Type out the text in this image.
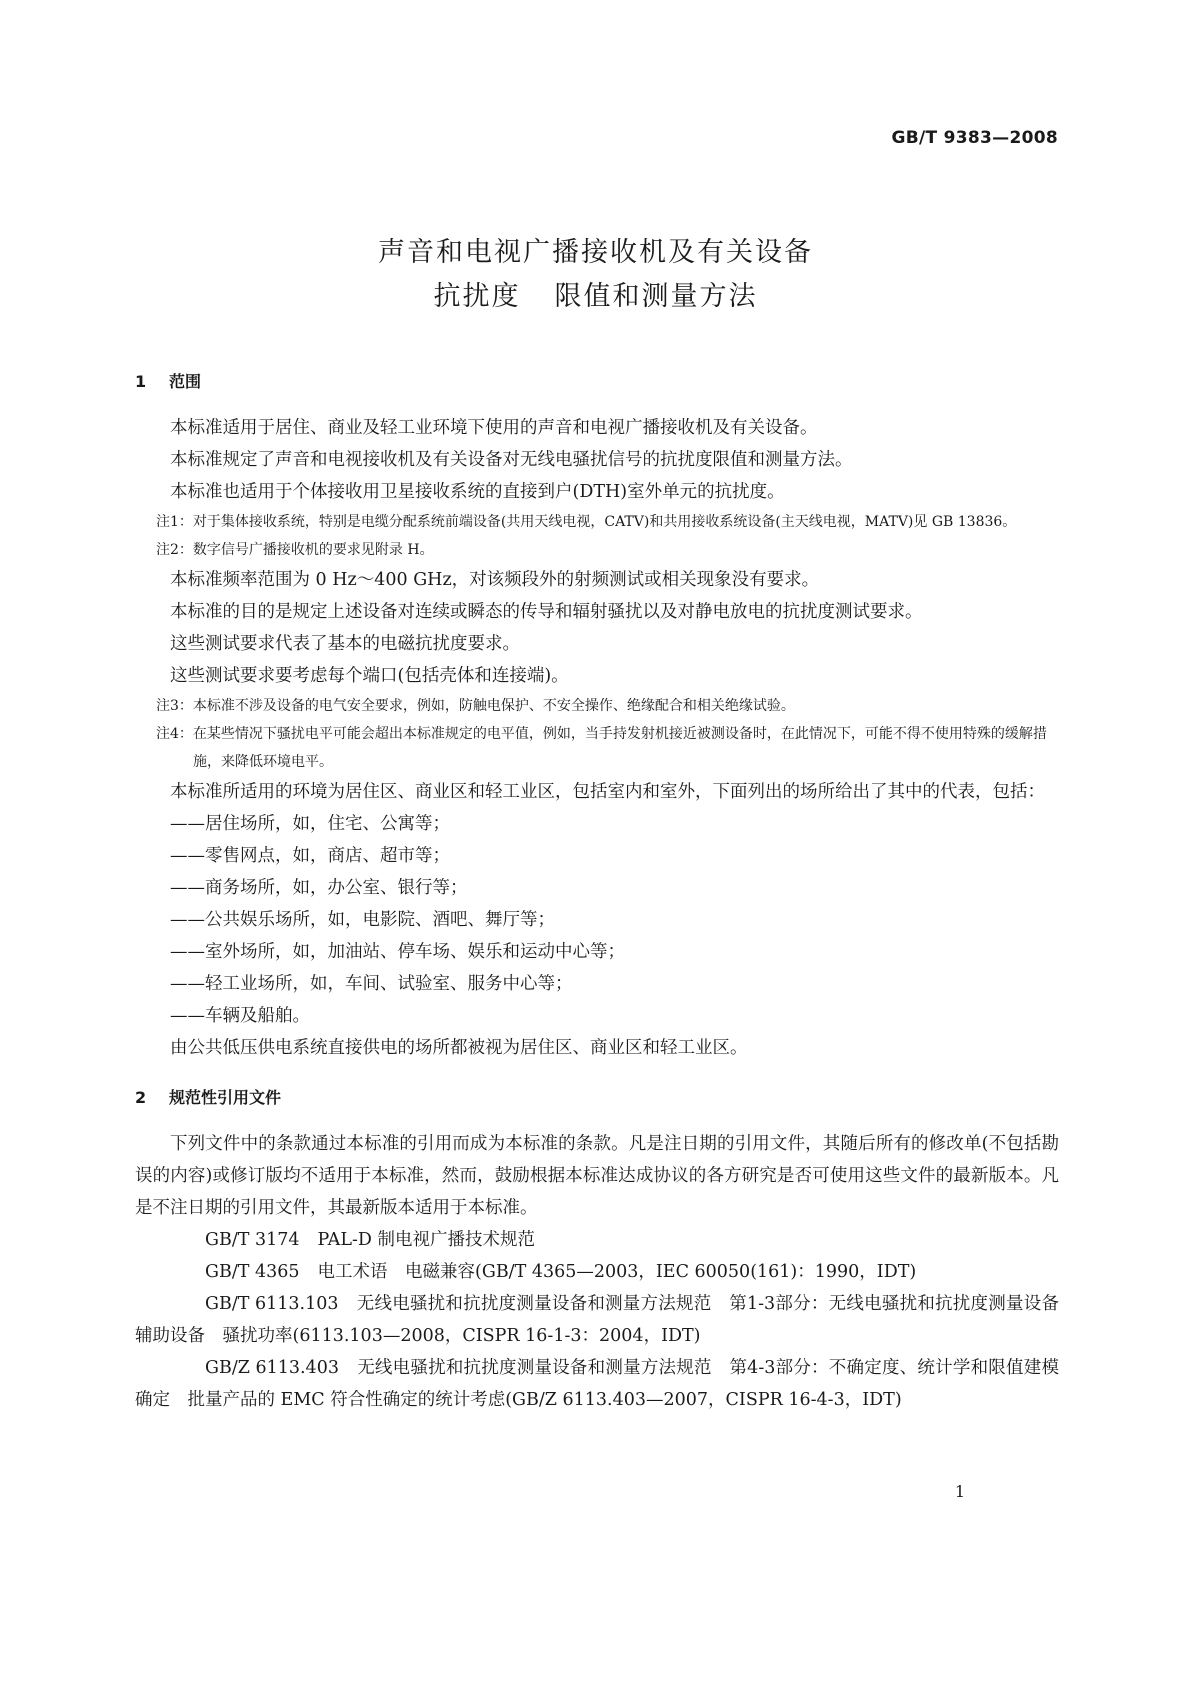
GB/T 9383—2008
声音和电视广播接收机及有关设备
抗扰度 限值和测量方法
1 范围

本标准适用于居住、商业及轻工业环境下使用的声音和电视广播接收机及有关设备。

本标准规定了声音和电视接收机及有关设备对无线电骚扰信号的抗扰度限值和测量方法。

本标准也适用于个体接收用卫星接收系统的直接到户(DTH)室外单元的抗扰度。

注1：对于集体接收系统，特别是电缆分配系统前端设备(共用天线电视，CATV)和共用接收系统设备(主天线电视，MATV)见 GB 13836。

注2：数字信号广播接收机的要求见附录 H。

本标准频率范围为 0 Hz～400 GHz，对该频段外的射频测试或相关现象没有要求。

本标准的目的是规定上述设备对连续或瞬态的传导和辐射骚扰以及对静电放电的抗扰度测试要求。

这些测试要求代表了基本的电磁抗扰度要求。

这些测试要求要考虑每个端口(包括壳体和连接端)。

注3：本标准不涉及设备的电气安全要求，例如，防触电保护、不安全操作、绝缘配合和相关绝缘试验。

注4：在某些情况下骚扰电平可能会超出本标准规定的电平值，例如，当手持发射机接近被测设备时，在此情况下，可能不得不使用特殊的缓解措施，来降低环境电平。

本标准所适用的环境为居住区、商业区和轻工业区，包括室内和室外，下面列出的场所给出了其中的代表，包括：

——居住场所，如，住宅、公寓等；

——零售网点，如，商店、超市等；

——商务场所，如，办公室、银行等；

——公共娱乐场所，如，电影院、酒吧、舞厅等；

——室外场所，如，加油站、停车场、娱乐和运动中心等；

——轻工业场所，如，车间、试验室、服务中心等；

——车辆及船舶。

由公共低压供电系统直接供电的场所都被视为居住区、商业区和轻工业区。

2 规范性引用文件

下列文件中的条款通过本标准的引用而成为本标准的条款。凡是注日期的引用文件，其随后所有的修改单(不包括勘误的内容)或修订版均不适用于本标准，然而，鼓励根据本标准达成协议的各方研究是否可使用这些文件的最新版本。凡是不注日期的引用文件，其最新版本适用于本标准。

GB/T 3174 PAL-D 制电视广播技术规范

GB/T 4365 电工术语　电磁兼容(GB/T 4365—2003，IEC 60050(161)：1990，IDT)

GB/T 6113.103 无线电骚扰和抗扰度测量设备和测量方法规范　第1-3部分：无线电骚扰和抗扰度测量设备　辅助设备　骚扰功率(6113.103—2008，CISPR 16-1-3：2004，IDT)

GB/Z 6113.403 无线电骚扰和抗扰度测量设备和测量方法规范　第4-3部分：不确定度、统计学和限值建模确定　批量产品的 EMC 符合性确定的统计考虑(GB/Z 6113.403—2007，CISPR 16-4-3，IDT)

1
